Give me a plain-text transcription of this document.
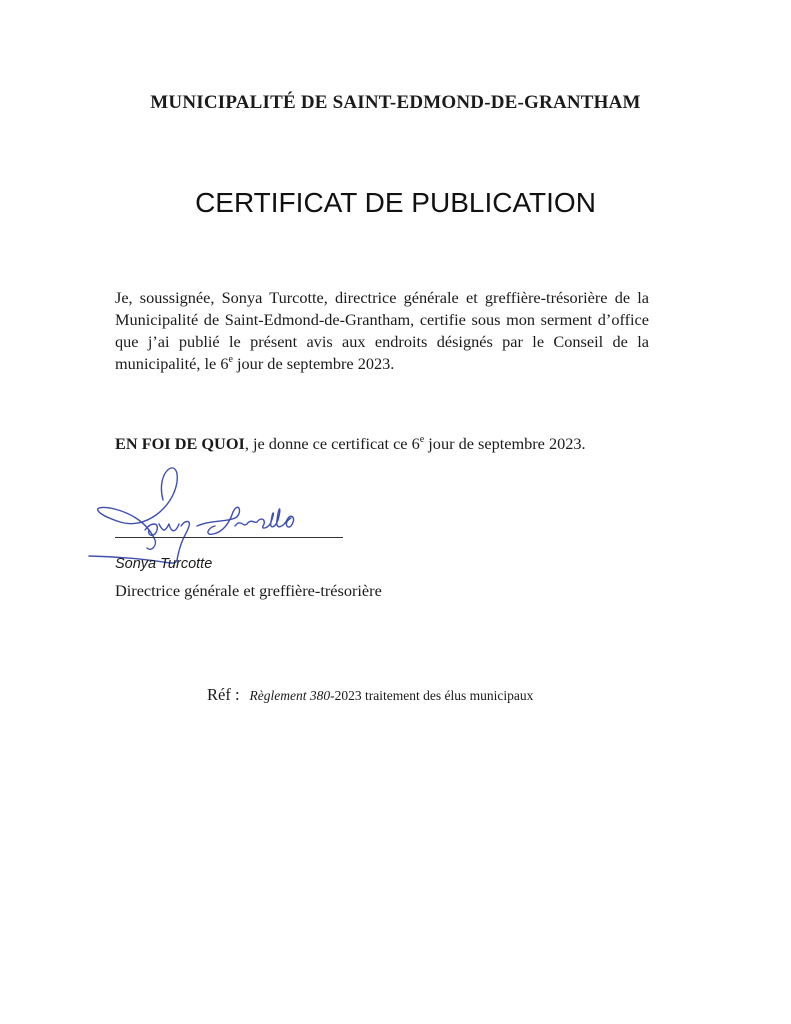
MUNICIPALITÉ DE SAINT-EDMOND-DE-GRANTHAM
CERTIFICAT DE PUBLICATION

Je, soussignée, Sonya Turcotte, directrice générale et greffière-trésorière de la Municipalité de Saint-Edmond-de-Grantham, certifie sous mon serment d’office que j’ai publié le présent avis aux endroits désignés par le Conseil de la municipalité, le 6e jour de septembre 2023.

EN FOI DE QUOI, je donne ce certificat ce 6e jour de septembre 2023.

Sonya Turcotte
Sonya Turcotte
Directrice générale et greffière-trésorière
Réf : Règlement 380-2023 traitement des élus municipaux
